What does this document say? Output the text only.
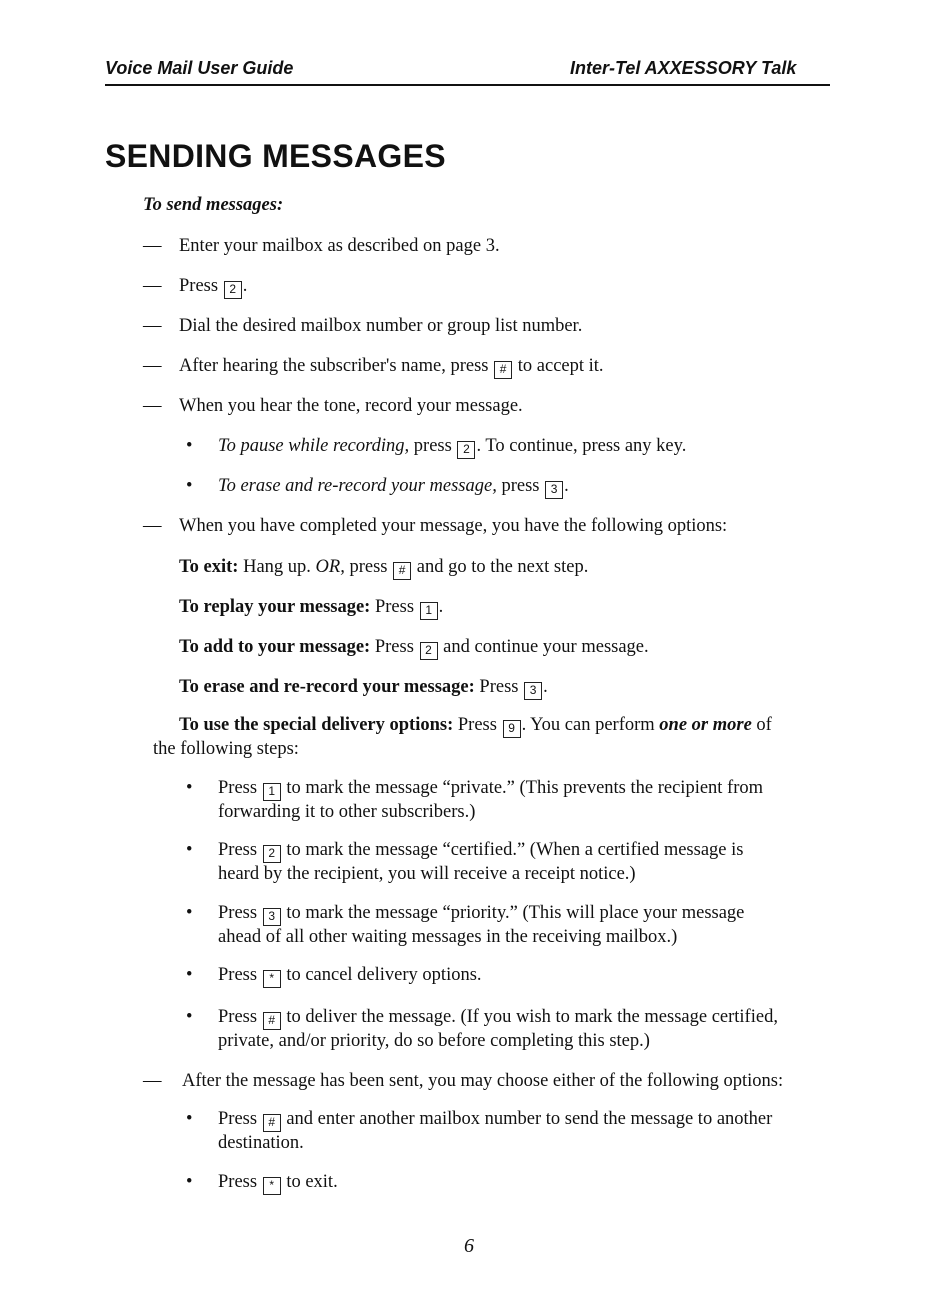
Voice Mail User Guide	Inter-Tel AXXESSORY Talk
SENDING MESSAGES
To send messages:
— Enter your mailbox as described on page 3.
— Press 2 .
— Dial the desired mailbox number or group list number.
— After hearing the subscriber's name, press # to accept it.
— When you hear the tone, record your message.
• To pause while recording, press 2 . To continue, press any key.
• To erase and re-record your message, press 3 .
— When you have completed your message, you have the following options:
To exit: Hang up. OR, press # and go to the next step.
To replay your message: Press 1 .
To add to your message: Press 2 and continue your message.
To erase and re-record your message: Press 3 .
To use the special delivery options: Press 9 . You can perform one or more of
the following steps:
• Press 1 to mark the message “private.” (This prevents the recipient from
forwarding it to other subscribers.)
• Press 2 to mark the message “certified.” (When a certified message is
heard by the recipient, you will receive a receipt notice.)
• Press 3 to mark the message “priority.” (This will place your message
ahead of all other waiting messages in the receiving mailbox.)
• Press * to cancel delivery options.
• Press # to deliver the message. (If you wish to mark the message certified,
private, and/or priority, do so before completing this step.)
— After the message has been sent, you may choose either of the following options:
• Press # and enter another mailbox number to send the message to another
destination.
• Press * to exit.
6
